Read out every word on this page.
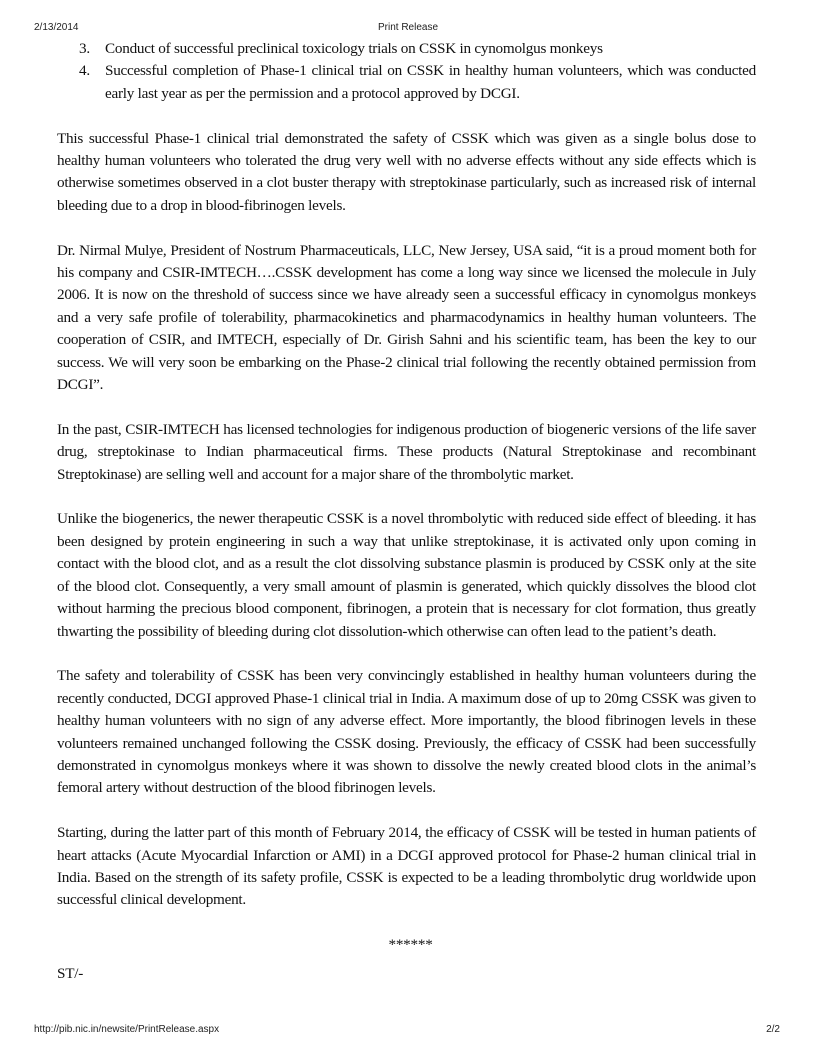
2/13/2014	Print Release
3. Conduct of successful preclinical toxicology trials on CSSK in cynomolgus monkeys
4. Successful completion of Phase-1 clinical trial on CSSK in healthy human volunteers, which was conducted early last year as per the permission and a protocol approved by DCGI.

This successful Phase-1 clinical trial demonstrated the safety of CSSK which was given as a single bolus dose to healthy human volunteers who tolerated the drug very well with no adverse effects without any side effects which is otherwise sometimes observed in a clot buster therapy with streptokinase particularly, such as increased risk of internal bleeding due to a drop in blood-fibrinogen levels.

Dr. Nirmal Mulye, President of Nostrum Pharmaceuticals, LLC, New Jersey, USA said, “it is a proud moment both for his company and CSIR-IMTECH….CSSK development has come a long way since we licensed the molecule in July 2006. It is now on the threshold of success since we have already seen a successful efficacy in cynomolgus monkeys and a very safe profile of tolerability, pharmacokinetics and pharmacodynamics in healthy human volunteers. The cooperation of CSIR, and IMTECH, especially of Dr. Girish Sahni and his scientific team, has been the key to our success. We will very soon be embarking on the Phase-2 clinical trial following the recently obtained permission from DCGI”.

In the past, CSIR-IMTECH has licensed technologies for indigenous production of biogeneric versions of the life saver drug, streptokinase to Indian pharmaceutical firms. These products (Natural Streptokinase and recombinant Streptokinase) are selling well and account for a major share of the thrombolytic market.

Unlike the biogenerics, the newer therapeutic CSSK is a novel thrombolytic with reduced side effect of bleeding. it has been designed by protein engineering in such a way that unlike streptokinase, it is activated only upon coming in contact with the blood clot, and as a result the clot dissolving substance plasmin is produced by CSSK only at the site of the blood clot. Consequently, a very small amount of plasmin is generated, which quickly dissolves the blood clot without harming the precious blood component, fibrinogen, a protein that is necessary for clot formation, thus greatly thwarting the possibility of bleeding during clot dissolution-which otherwise can often lead to the patient’s death.

The safety and tolerability of CSSK has been very convincingly established in healthy human volunteers during the recently conducted, DCGI approved Phase-1 clinical trial in India. A maximum dose of up to 20mg CSSK was given to healthy human volunteers with no sign of any adverse effect. More importantly, the blood fibrinogen levels in these volunteers remained unchanged following the CSSK dosing. Previously, the efficacy of CSSK had been successfully demonstrated in cynomolgus monkeys where it was shown to dissolve the newly created blood clots in the animal’s femoral artery without destruction of the blood fibrinogen levels.

Starting, during the latter part of this month of February 2014, the efficacy of CSSK will be tested in human patients of heart attacks (Acute Myocardial Infarction or AMI) in a DCGI approved protocol for Phase-2 human clinical trial in India. Based on the strength of its safety profile, CSSK is expected to be a leading thrombolytic drug worldwide upon successful clinical development.

******

ST/-

http://pib.nic.in/newsite/PrintRelease.aspx	2/2
